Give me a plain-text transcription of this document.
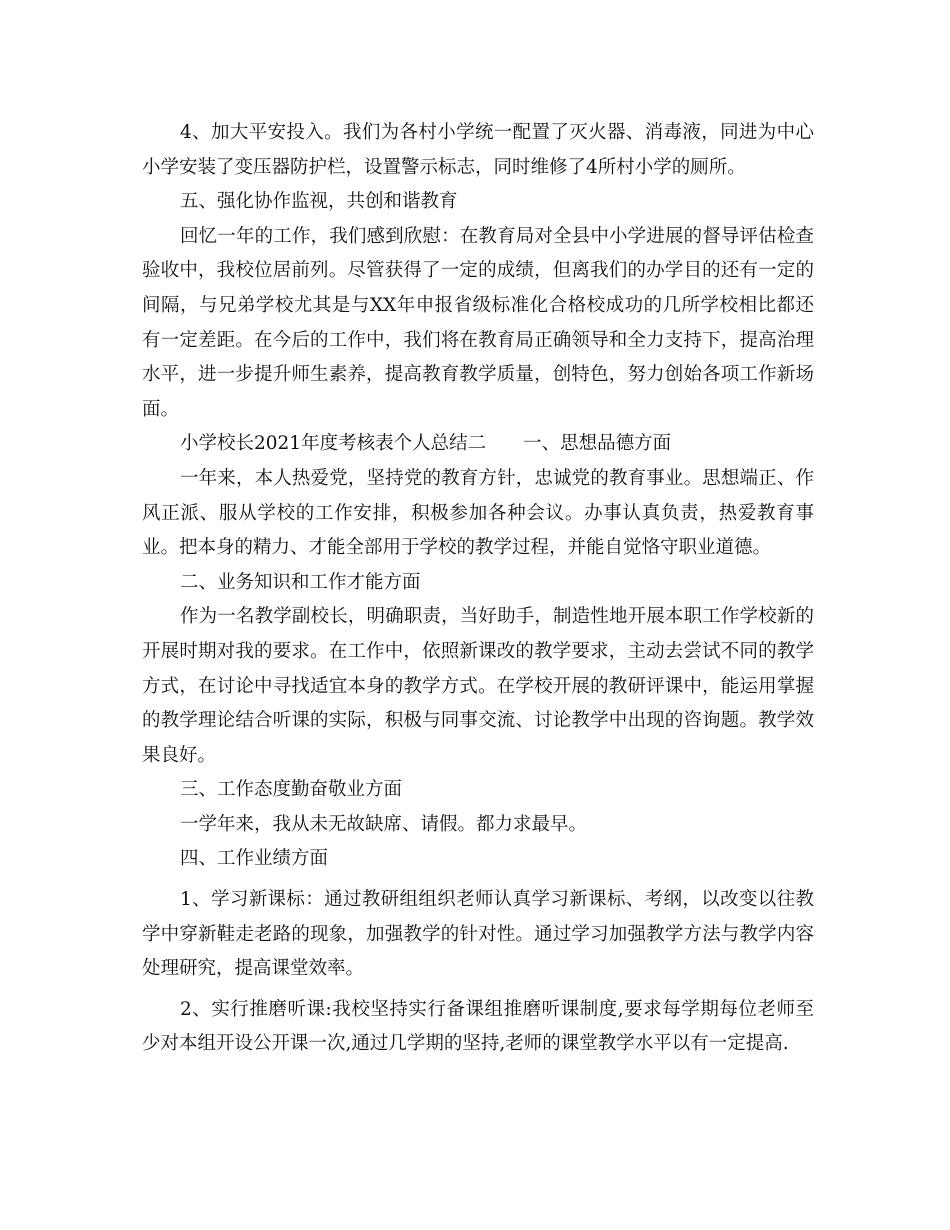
4、加大平安投入。我们为各村小学统一配置了灭火器、消毒液，同进为中心小学安装了变压器防护栏，设置警示标志，同时维修了4所村小学的厕所。

五、强化协作监视，共创和谐教育

回忆一年的工作，我们感到欣慰：在教育局对全县中小学进展的督导评估检查验收中，我校位居前列。尽管获得了一定的成绩，但离我们的办学目的还有一定的间隔，与兄弟学校尤其是与XX年申报省级标准化合格校成功的几所学校相比都还有一定差距。在今后的工作中，我们将在教育局正确领导和全力支持下，提高治理水平，进一步提升师生素养，提高教育教学质量，创特色，努力创始各项工作新场面。

小学校长2021年度考核表个人总结二　　一、思想品德方面

一年来，本人热爱党，坚持党的教育方针，忠诚党的教育事业。思想端正、作风正派、服从学校的工作安排，积极参加各种会议。办事认真负责，热爱教育事业。把本身的精力、才能全部用于学校的教学过程，并能自觉恪守职业道德。

二、业务知识和工作才能方面

作为一名教学副校长，明确职责，当好助手，制造性地开展本职工作学校新的开展时期对我的要求。在工作中，依照新课改的教学要求，主动去尝试不同的教学方式，在讨论中寻找适宜本身的教学方式。在学校开展的教研评课中，能运用掌握的教学理论结合听课的实际，积极与同事交流、讨论教学中出现的咨询题。教学效果良好。

三、工作态度勤奋敬业方面

一学年来，我从未无故缺席、请假。都力求最早。

四、工作业绩方面

1、学习新课标：通过教研组组织老师认真学习新课标、考纲，以改变以往教学中穿新鞋走老路的现象，加强教学的针对性。通过学习加强教学方法与教学内容处理研究，提高课堂效率。

2、实行推磨听课:我校坚持实行备课组推磨听课制度,要求每学期每位老师至少对本组开设公开课一次,通过几学期的坚持,老师的课堂教学水平以有一定提高.
